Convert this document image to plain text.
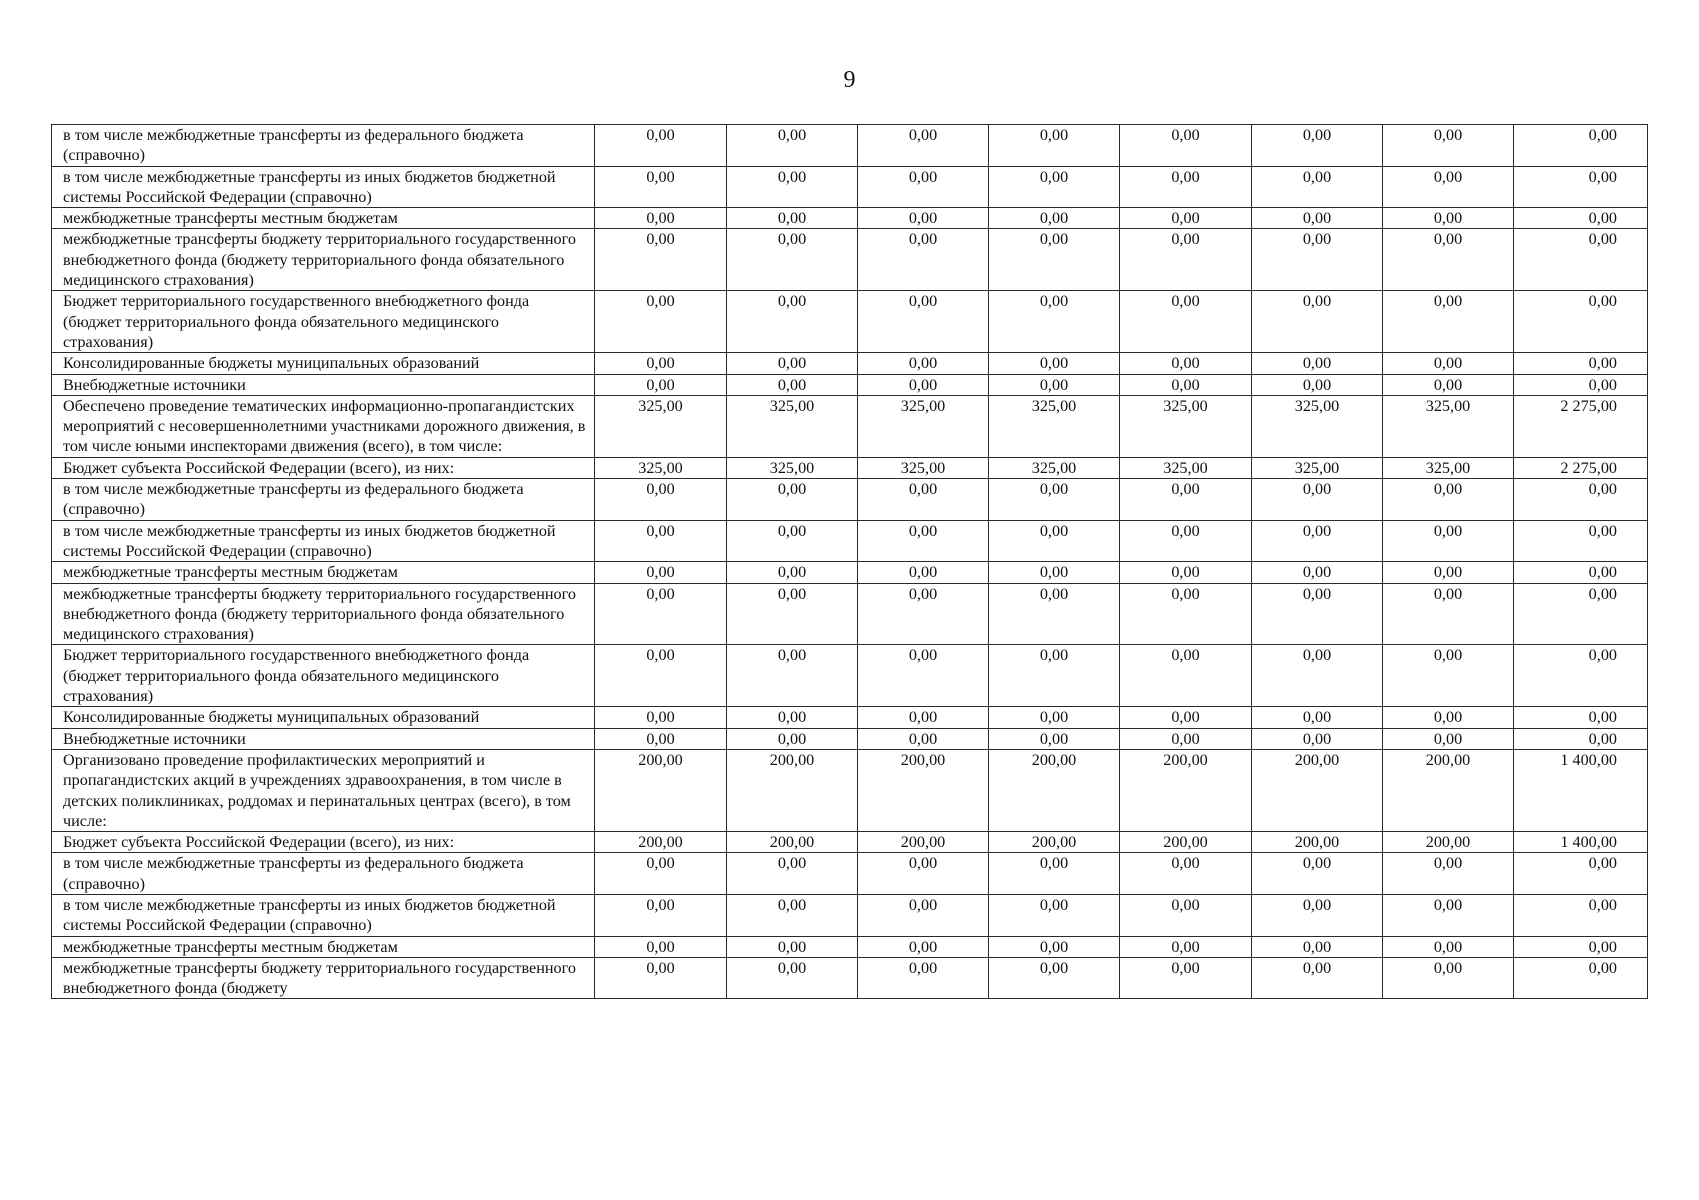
9
в том числе межбюджетные трансферты из федерального бюджета (справочно)	0,00	0,00	0,00	0,00	0,00	0,00	0,00	0,00
в том числе межбюджетные трансферты из иных бюджетов бюджетной системы Российской Федерации (справочно)	0,00	0,00	0,00	0,00	0,00	0,00	0,00	0,00
межбюджетные трансферты местным бюджетам	0,00	0,00	0,00	0,00	0,00	0,00	0,00	0,00
межбюджетные трансферты бюджету территориального государственного внебюджетного фонда (бюджету территориального фонда обязательного медицинского страхования)	0,00	0,00	0,00	0,00	0,00	0,00	0,00	0,00
Бюджет территориального государственного внебюджетного фонда (бюджет территориального фонда обязательного медицинского страхования)	0,00	0,00	0,00	0,00	0,00	0,00	0,00	0,00
Консолидированные бюджеты муниципальных образований	0,00	0,00	0,00	0,00	0,00	0,00	0,00	0,00
Внебюджетные источники	0,00	0,00	0,00	0,00	0,00	0,00	0,00	0,00
Обеспечено проведение тематических информационно-пропагандистских мероприятий с несовершеннолетними участниками дорожного движения, в том числе юными инспекторами движения (всего), в том числе:	325,00	325,00	325,00	325,00	325,00	325,00	325,00	2 275,00
Бюджет субъекта Российской Федерации (всего), из них:	325,00	325,00	325,00	325,00	325,00	325,00	325,00	2 275,00
в том числе межбюджетные трансферты из федерального бюджета (справочно)	0,00	0,00	0,00	0,00	0,00	0,00	0,00	0,00
в том числе межбюджетные трансферты из иных бюджетов бюджетной системы Российской Федерации (справочно)	0,00	0,00	0,00	0,00	0,00	0,00	0,00	0,00
межбюджетные трансферты местным бюджетам	0,00	0,00	0,00	0,00	0,00	0,00	0,00	0,00
межбюджетные трансферты бюджету территориального государственного внебюджетного фонда (бюджету территориального фонда обязательного медицинского страхования)	0,00	0,00	0,00	0,00	0,00	0,00	0,00	0,00
Бюджет территориального государственного внебюджетного фонда (бюджет территориального фонда обязательного медицинского страхования)	0,00	0,00	0,00	0,00	0,00	0,00	0,00	0,00
Консолидированные бюджеты муниципальных образований	0,00	0,00	0,00	0,00	0,00	0,00	0,00	0,00
Внебюджетные источники	0,00	0,00	0,00	0,00	0,00	0,00	0,00	0,00
Организовано проведение профилактических мероприятий и пропагандистских акций в учреждениях здравоохранения, в том числе в детских поликлиниках, роддомах и перинатальных центрах (всего), в том числе:	200,00	200,00	200,00	200,00	200,00	200,00	200,00	1 400,00
Бюджет субъекта Российской Федерации (всего), из них:	200,00	200,00	200,00	200,00	200,00	200,00	200,00	1 400,00
в том числе межбюджетные трансферты из федерального бюджета (справочно)	0,00	0,00	0,00	0,00	0,00	0,00	0,00	0,00
в том числе межбюджетные трансферты из иных бюджетов бюджетной системы Российской Федерации (справочно)	0,00	0,00	0,00	0,00	0,00	0,00	0,00	0,00
межбюджетные трансферты местным бюджетам	0,00	0,00	0,00	0,00	0,00	0,00	0,00	0,00
межбюджетные трансферты бюджету территориального государственного внебюджетного фонда (бюджету	0,00	0,00	0,00	0,00	0,00	0,00	0,00	0,00
